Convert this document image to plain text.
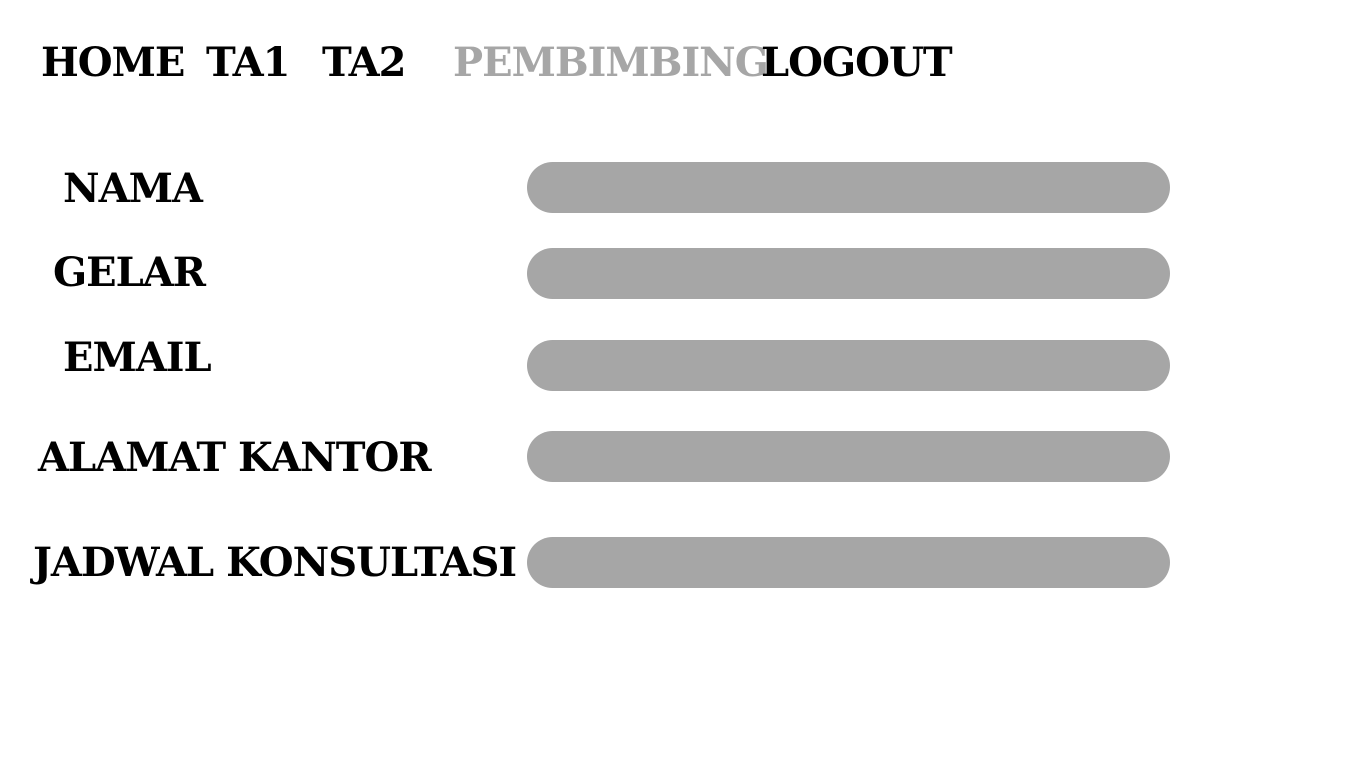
HOME TA1 TA2 PEMBIMBING
LOGOUT
NAMA
GELAR
EMAIL
ALAMAT KANTOR
JADWAL KONSULTASI
